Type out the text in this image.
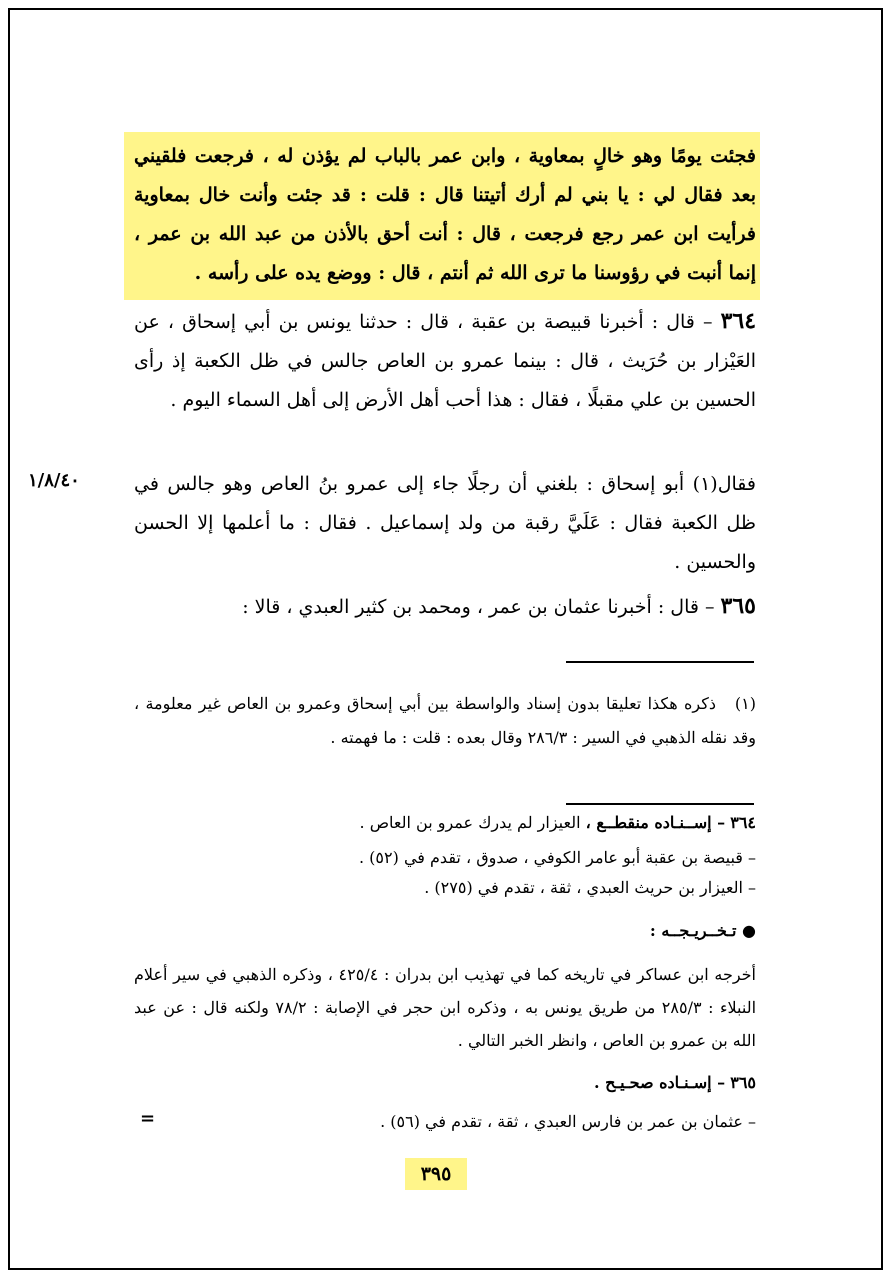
فجئت يومًا وهو خالٍ بمعاوية ، وابن عمر بالباب لم يؤذن له ، فرجعت فلقيني بعد فقال لي : يا بني لم أرك أتيتنا قال : قلت : قد جئت وأنت خال بمعاوية فرأيت ابن عمر رجع فرجعت ، قال : أنت أحق بالأذن من عبد الله بن عمر ، إنما أنبت في رؤوسنا ما ترى الله ثم أنتم ، قال : ووضع يده على رأسه .
٣٦٤ – قال : أخبرنا قبيصة بن عقبة ، قال : حدثنا يونس بن أبي إسحاق ، عن العَيْزار بن حُرَيث ، قال : بينما عمرو بن العاص جالس في ظل الكعبة إذ رأى الحسين بن علي مقبلًا ، فقال : هذا أحب أهل الأرض إلى أهل السماء اليوم .
فقال(١) أبو إسحاق : بلغني أن رجلًا جاء إلى عمرو بنُ العاص وهو جالس في ظل الكعبة فقال : عَلَيَّ رقبة من ولد إسماعيل . فقال : ما أعلمها إلا الحسن والحسين .
١/٨/٤٠
٣٦٥ – قال : أخبرنا عثمان بن عمر ، ومحمد بن كثير العبدي ، قالا :
(١)   ذكره هكذا تعليقا بدون إسناد والواسطة بين أبي إسحاق وعمرو بن العاص غير معلومة ، وقد نقله الذهبي في السير : ٢٨٦/٣ وقال بعده : قلت : ما فهمته .
٣٦٤ – إســنـاده منقطــع ، العيزار لم يدرك عمرو بن العاص .
– قبيصة بن عقبة أبو عامر الكوفي ، صدوق ، تقدم في (٥٢) .
– العيزار بن حريث العبدي ، ثقة ، تقدم في (٢٧٥) .
● تـخــريـجــه :
أخرجه ابن عساكر في تاريخه كما في تهذيب ابن بدران : ٤٢٥/٤ ، وذكره الذهبي في سير أعلام النبلاء : ٢٨٥/٣ من طريق يونس به ، وذكره ابن حجر في الإصابة : ٧٨/٢ ولكنه قال : عن عبد الله بن عمرو بن العاص ، وانظر الخبر التالي .
٣٦٥ – إسـنـاده صحـيـح .
– عثمان بن عمر بن فارس العبدي ، ثقة ، تقدم في (٥٦) .
=
٣٩٥
